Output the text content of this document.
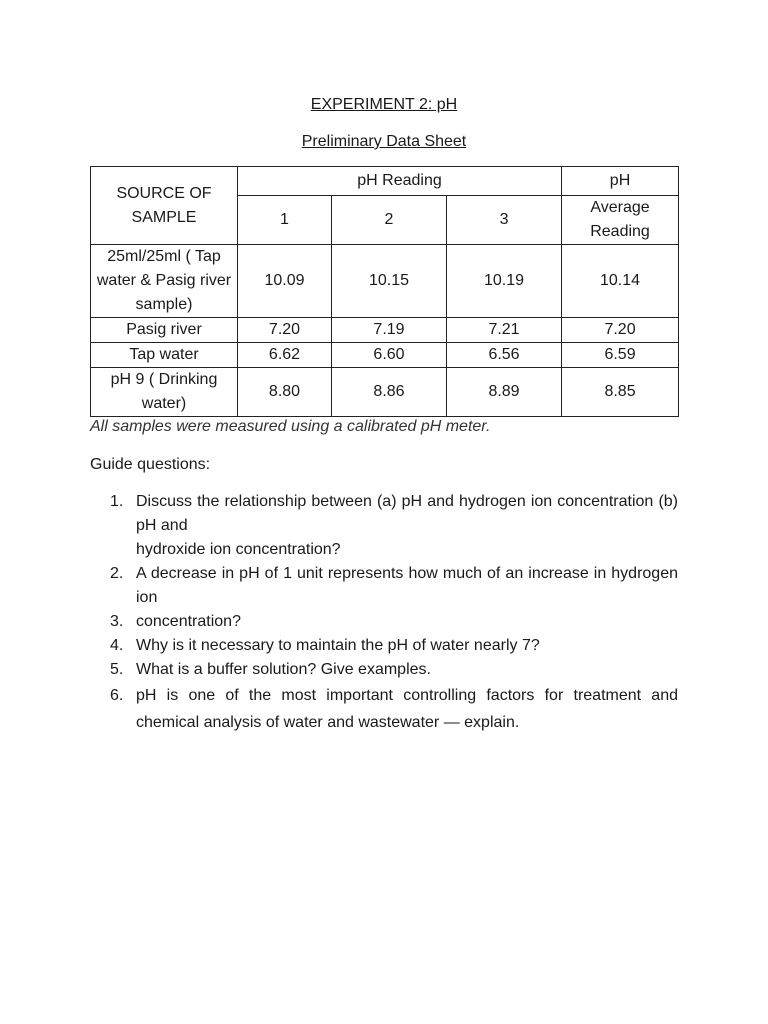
EXPERIMENT 2: pH
Preliminary Data Sheet
SOURCE OF SAMPLE	pH Reading			pH
	1	2	3	Average Reading
25ml/25ml ( Tap water & Pasig river sample)	10.09	10.15	10.19	10.14
Pasig river	7.20	7.19	7.21	7.20
Tap water	6.62	6.60	6.56	6.59
pH 9 ( Drinking water)	8.80	8.86	8.89	8.85
All samples were measured using a calibrated pH meter.
Guide questions:
1. Discuss the relationship between (a) pH and hydrogen ion concentration (b) pH and
hydroxide ion concentration?
2. A decrease in pH of 1 unit represents how much of an increase in hydrogen ion
3. concentration?
4. Why is it necessary to maintain the pH of water nearly 7?
5. What is a buffer solution? Give examples.
6. pH is one of the most important controlling factors for treatment and chemical analysis of water and wastewater — explain.
